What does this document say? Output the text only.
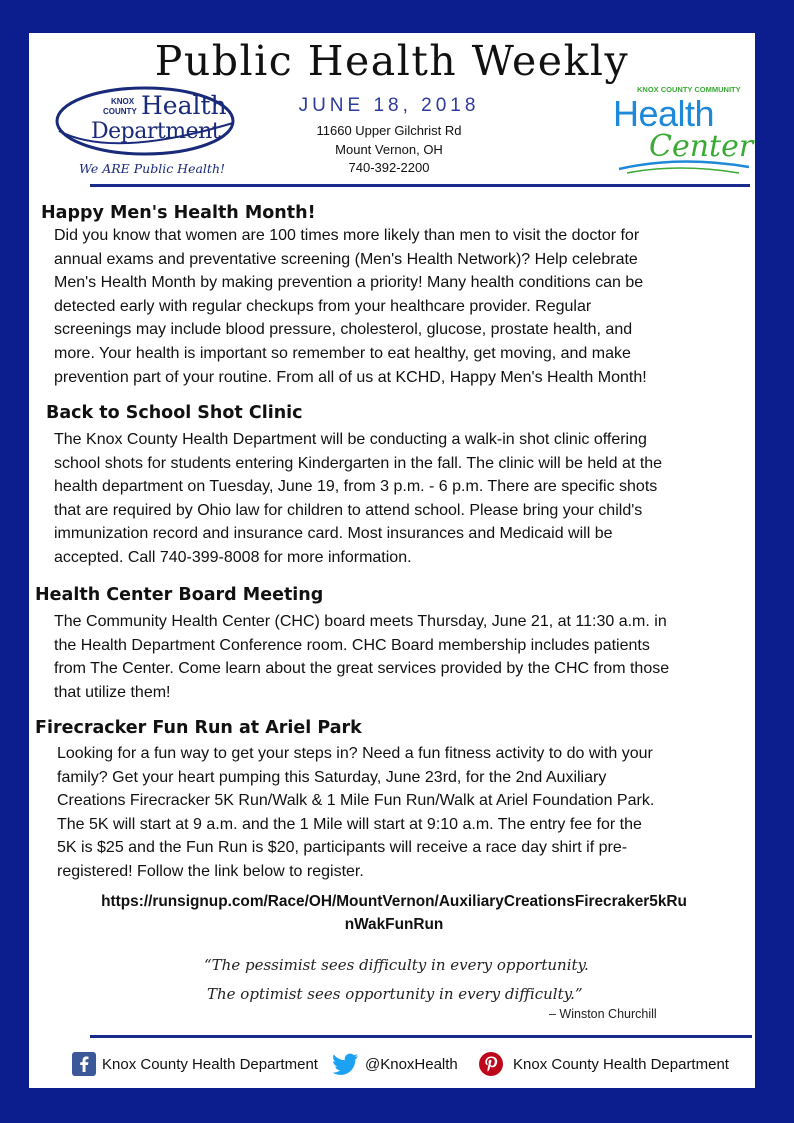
Public Health Weekly
KNOX
COUNTY Health
Department
We ARE Public Health!
JUNE 18, 2018
11660 Upper Gilchrist Rd
Mount Vernon, OH
740-392-2200
KNOX COUNTY COMMUNITY
Health
Center
Happy Men's Health Month!
Did you know that women are 100 times more likely than men to visit the doctor for
annual exams and preventative screening (Men's Health Network)? Help celebrate
Men's Health Month by making prevention a priority! Many health conditions can be
detected early with regular checkups from your healthcare provider. Regular
screenings may include blood pressure, cholesterol, glucose, prostate health, and
more. Your health is important so remember to eat healthy, get moving, and make
prevention part of your routine. From all of us at KCHD, Happy Men's Health Month!
Back to School Shot Clinic
The Knox County Health Department will be conducting a walk-in shot clinic offering
school shots for students entering Kindergarten in the fall. The clinic will be held at the
health department on Tuesday, June 19, from 3 p.m. - 6 p.m. There are specific shots
that are required by Ohio law for children to attend school. Please bring your child's
immunization record and insurance card. Most insurances and Medicaid will be
accepted. Call 740-399-8008 for more information.
Health Center Board Meeting
The Community Health Center (CHC) board meets Thursday, June 21, at 11:30 a.m. in
the Health Department Conference room. CHC Board membership includes patients
from The Center. Come learn about the great services provided by the CHC from those
that utilize them!
Firecracker Fun Run at Ariel Park
Looking for a fun way to get your steps in? Need a fun fitness activity to do with your
family? Get your heart pumping this Saturday, June 23rd, for the 2nd Auxiliary
Creations Firecracker 5K Run/Walk & 1 Mile Fun Run/Walk at Ariel Foundation Park.
The 5K will start at 9 a.m. and the 1 Mile will start at 9:10 a.m. The entry fee for the
5K is $25 and the Fun Run is $20, participants will receive a race day shirt if pre-
registered! Follow the link below to register.
https://runsignup.com/Race/OH/MountVernon/AuxiliaryCreationsFirecraker5kRu
nWakFunRun
“The pessimist sees difficulty in every opportunity.
The optimist sees opportunity in every difficulty.”
– Winston Churchill
Knox County Health Department	@KnoxHealth	Knox County Health Department
